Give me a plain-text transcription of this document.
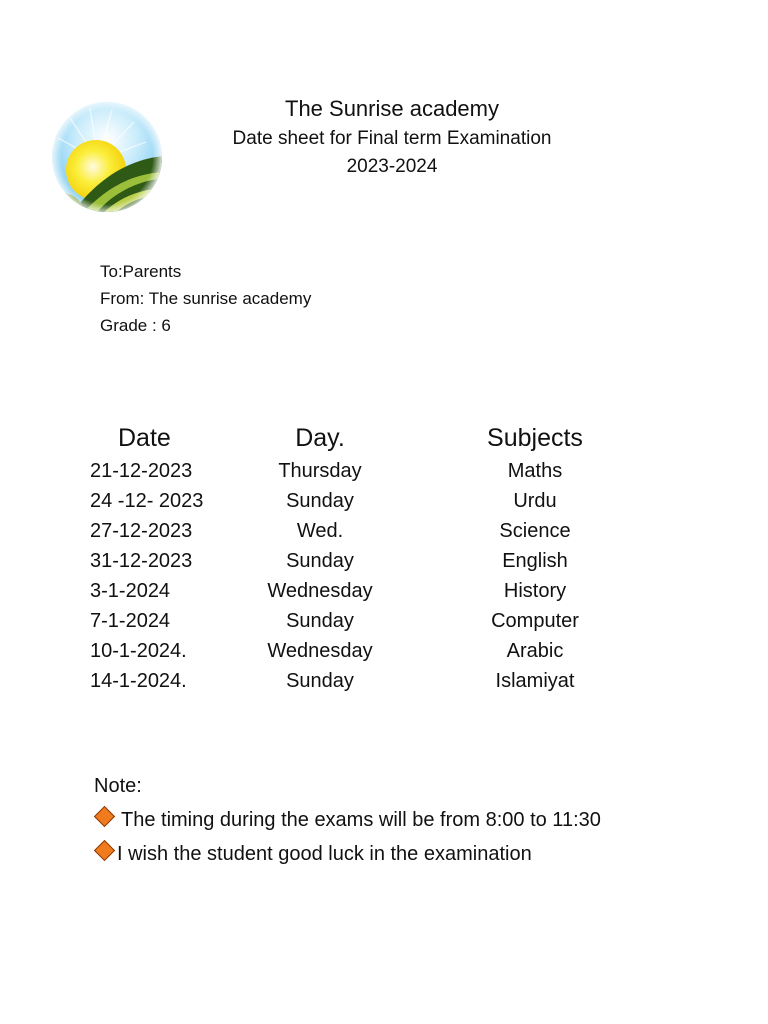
The Sunrise academy
Date sheet for Final term Examination
2023-2024
To:Parents
From: The sunrise academy
Grade : 6
Date	Day.	Subjects
21-12-2023	Thursday	Maths
24 -12- 2023	Sunday	Urdu
27-12-2023	Wed.	Science
31-12-2023	Sunday	English
3-1-2024	Wednesday	History
7-1-2024	Sunday	Computer
10-1-2024.	Wednesday	Arabic
14-1-2024.	Sunday	Islamiyat
Note:
The timing during the exams will be from 8:00 to 11:30
I wish the student good luck in the examination
